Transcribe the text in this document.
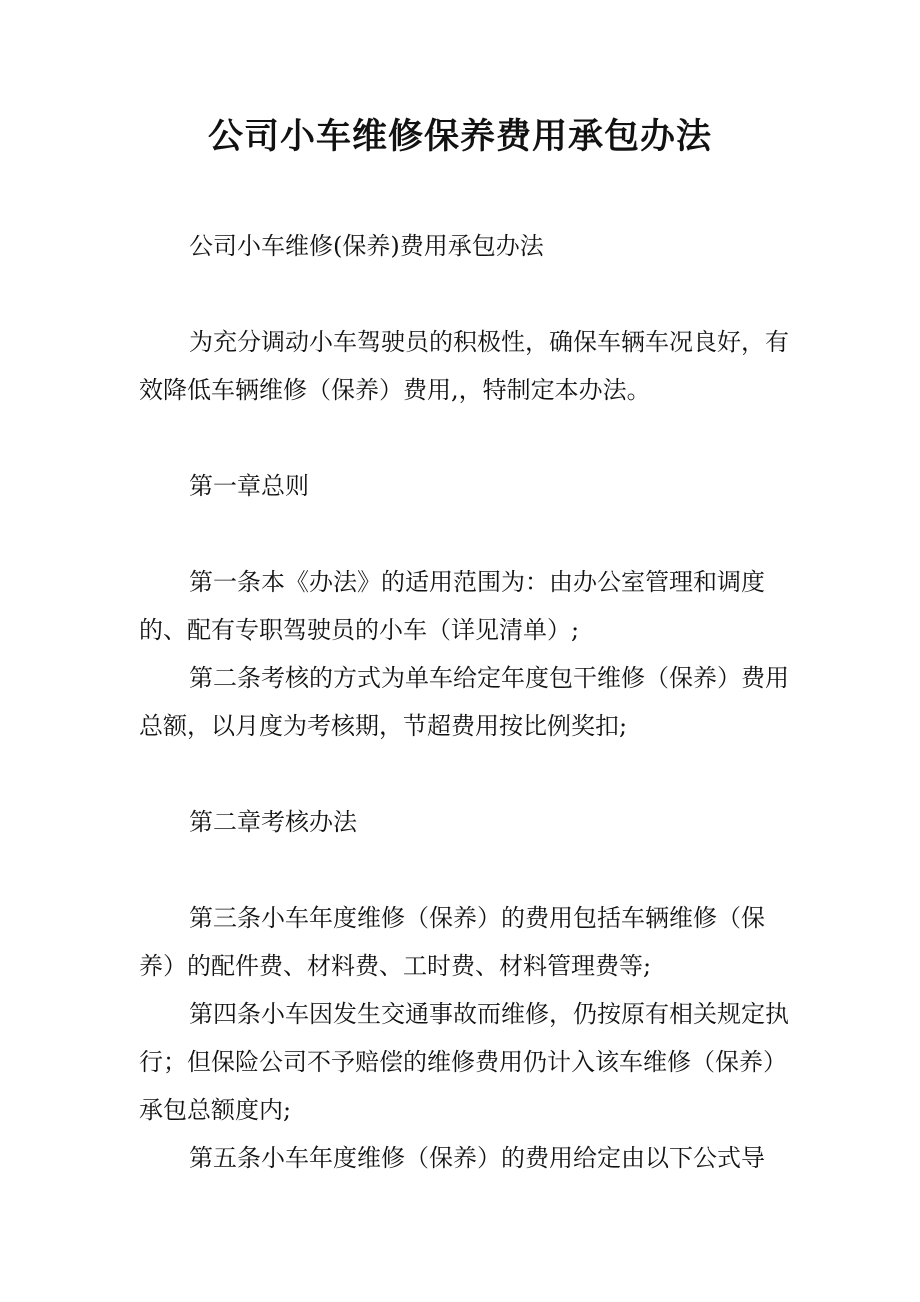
公司小车维修保养费用承包办法

公司小车维修(保养)费用承包办法

为充分调动小车驾驶员的积极性，确保车辆车况良好，有效降低车辆维修（保养）费用,，特制定本办法。

第一章总则

第一条本《办法》的适用范围为：由办公室管理和调度的、配有专职驾驶员的小车（详见清单）;

第二条考核的方式为单车给定年度包干维修（保养）费用总额，以月度为考核期，节超费用按比例奖扣;

第二章考核办法

第三条小车年度维修（保养）的费用包括车辆维修（保养）的配件费、材料费、工时费、材料管理费等;

第四条小车因发生交通事故而维修，仍按原有相关规定执行；但保险公司不予赔偿的维修费用仍计入该车维修（保养）承包总额度内;

第五条小车年度维修（保养）的费用给定由以下公式导
